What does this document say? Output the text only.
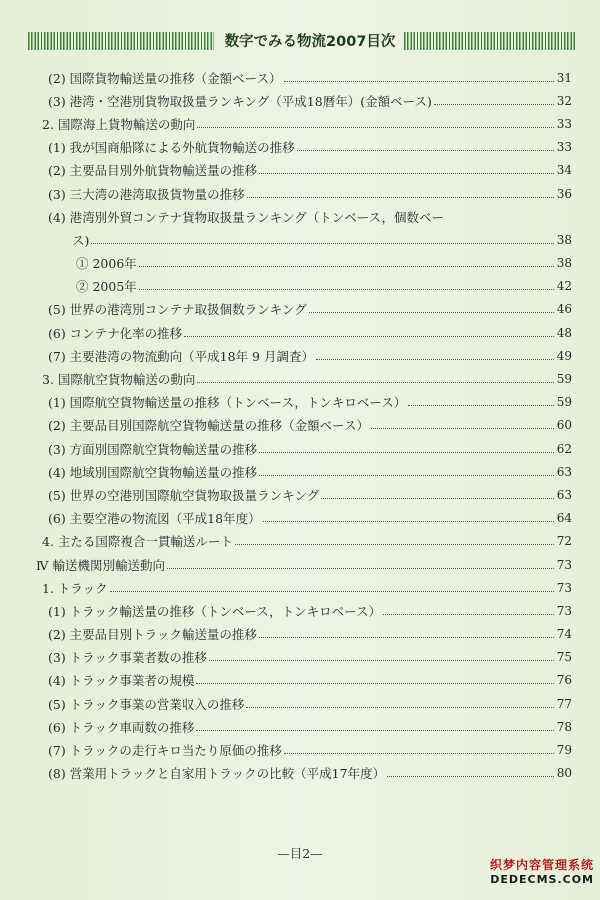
数字でみる物流2007目次
(2) 国際貨物輸送量の推移（金額ベース）	31
(3) 港湾・空港別貨物取扱量ランキング（平成18暦年）(金額ベース)	32
2. 国際海上貨物輸送の動向	33
(1) 我が国商船隊による外航貨物輸送の推移	33
(2) 主要品目別外航貨物輸送量の推移	34
(3) 三大湾の港湾取扱貨物量の推移	36
(4) 港湾別外貿コンテナ貨物取扱量ランキング（トンベース，個数ベー
ス)	38
① 2006年	38
② 2005年	42
(5) 世界の港湾別コンテナ取扱個数ランキング	46
(6) コンテナ化率の推移	48
(7) 主要港湾の物流動向（平成18年 9 月調査）	49
3. 国際航空貨物輸送の動向	59
(1) 国際航空貨物輸送量の推移（トンベース，トンキロベース）	59
(2) 主要品目別国際航空貨物輸送量の推移（金額ベース）	60
(3) 方面別国際航空貨物輸送量の推移	62
(4) 地域別国際航空貨物輸送量の推移	63
(5) 世界の空港別国際航空貨物取扱量ランキング	63
(6) 主要空港の物流図（平成18年度）	64
4. 主たる国際複合一貫輸送ルート	72
Ⅳ 輸送機関別輸送動向	73
1. トラック	73
(1) トラック輸送量の推移（トンベース，トンキロベース）	73
(2) 主要品目別トラック輸送量の推移	74
(3) トラック事業者数の推移	75
(4) トラック事業者の規模	76
(5) トラック事業の営業収入の推移	77
(6) トラック車両数の推移	78
(7) トラックの走行キロ当たり原価の推移	79
(8) 営業用トラックと自家用トラックの比較（平成17年度）	80
—目2—
织梦内容管理系统
DEDECMS.COM
